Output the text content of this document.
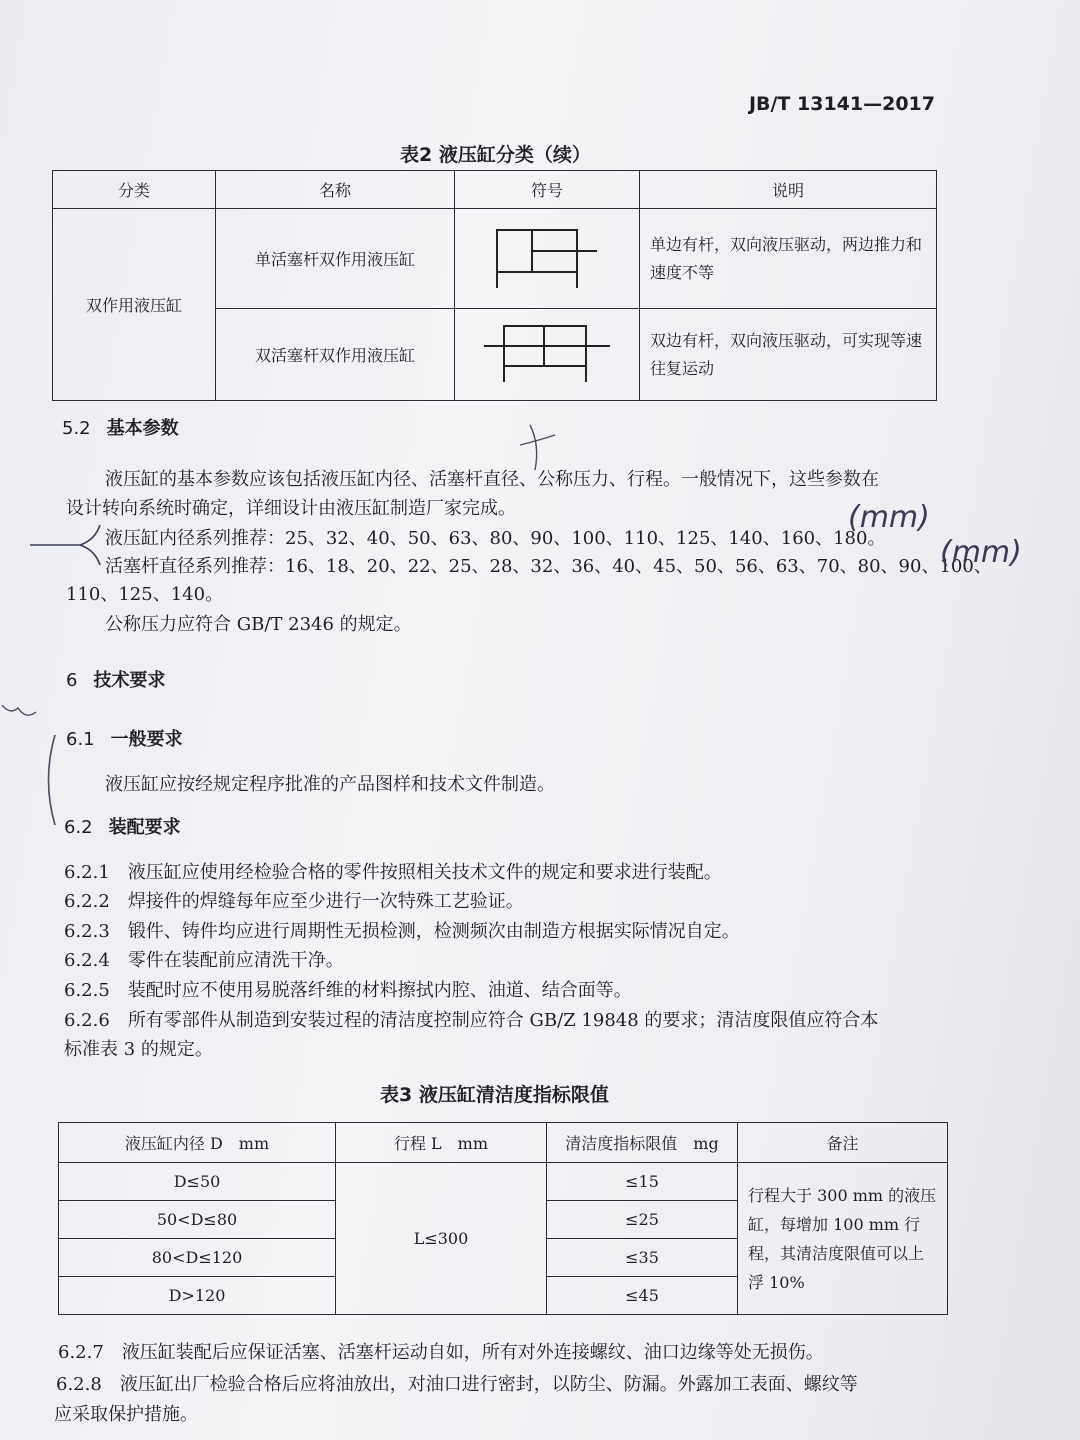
JB/T 13141—2017
表2 液压缸分类（续）
分类	名称	符号	说明
双作用液压缸	单活塞杆双作用液压缸		单边有杆，双向液压驱动，两边推力和速度不等
	双活塞杆双作用液压缸		双边有杆，双向液压驱动，可实现等速往复运动
5.2 基本参数
液压缸的基本参数应该包括液压缸内径、活塞杆直径、公称压力、行程。一般情况下，这些参数在
设计转向系统时确定，详细设计由液压缸制造厂家完成。
液压缸内径系列推荐：25、32、40、50、63、80、90、100、110、125、140、160、180。
活塞杆直径系列推荐：16、18、20、22、25、28、32、36、40、45、50、56、63、70、80、90、100、
110、125、140。
公称压力应符合 GB/T 2346 的规定。
6 技术要求
6.1 一般要求
液压缸应按经规定程序批准的产品图样和技术文件制造。
6.2 装配要求
6.2.1　 液压缸应使用经检验合格的零件按照相关技术文件的规定和要求进行装配。
6.2.2　 焊接件的焊缝每年应至少进行一次特殊工艺验证。
6.2.3　 锻件、铸件均应进行周期性无损检测，检测频次由制造方根据实际情况自定。
6.2.4　 零件在装配前应清洗干净。
6.2.5　 装配时应不使用易脱落纤维的材料擦拭内腔、油道、结合面等。
6.2.6　 所有零部件从制造到安装过程的清洁度控制应符合 GB/Z 19848 的要求；清洁度限值应符合本
标准表 3 的规定。
表3 液压缸清洁度指标限值
液压缸内径 D　mm	行程 L　mm	清洁度指标限值　mg	备注
D≤50	L≤300	≤15	行程大于 300 mm 的液压缸，每增加 100 mm 行程，其清洁度限值可以上浮 10%
50<D≤80		≤25	
80<D≤120		≤35	
D>120		≤45	
6.2.7　 液压缸装配后应保证活塞、活塞杆运动自如，所有对外连接螺纹、油口边缘等处无损伤。
6.2.8　 液压缸出厂检验合格后应将油放出，对油口进行密封，以防尘、防漏。外露加工表面、螺纹等
应采取保护措施。
(mm)
(mm)
